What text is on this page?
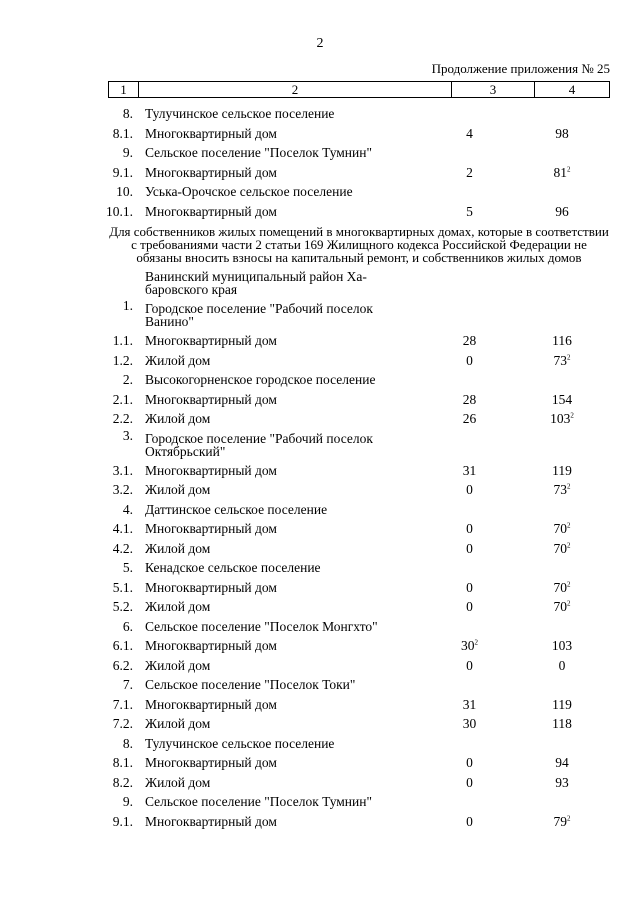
2
Продолжение приложения № 25
1	2	3	4
8. Тулучинское сельское поселение
8.1. Многоквартирный дом	4	98
9. Сельское поселение "Поселок Тумнин"
9.1. Многоквартирный дом	2	$81^2$
10. Уська-Орочское сельское поселение
10.1. Многоквартирный дом	5	96
Для собственников жилых помещений в многоквартирных домах, которые в соответствии с требованиями части 2 статьи 169 Жилищного кодекса Российской Федерации не обязаны вносить взносы на капитальный ремонт, и собственников жилых домов
Ванинский муниципальный район Ха-
баровского края
1. Городское поселение "Рабочий поселок
Ванино"
1.1. Многоквартирный дом	28	116
1.2. Жилой дом	0	$73^2$
2. Высокогорненское городское поселение
2.1. Многоквартирный дом	28	154
2.2. Жилой дом	26	$103^2$
3. Городское поселение "Рабочий поселок
Октябрьский"
3.1. Многоквартирный дом	31	119
3.2. Жилой дом	0	$73^2$
4. Даттинское сельское поселение
4.1. Многоквартирный дом	0	$70^2$
4.2. Жилой дом	0	$70^2$
5. Кенадское сельское поселение
5.1. Многоквартирный дом	0	$70^2$
5.2. Жилой дом	0	$70^2$
6. Сельское поселение "Поселок Монгхто"
6.1. Многоквартирный дом	$30^2$	103
6.2. Жилой дом	0	0
7. Сельское поселение "Поселок Токи"
7.1. Многоквартирный дом	31	119
7.2. Жилой дом	30	118
8. Тулучинское сельское поселение
8.1. Многоквартирный дом	0	94
8.2. Жилой дом	0	93
9. Сельское поселение "Поселок Тумнин"
9.1. Многоквартирный дом	0	$79^2$
